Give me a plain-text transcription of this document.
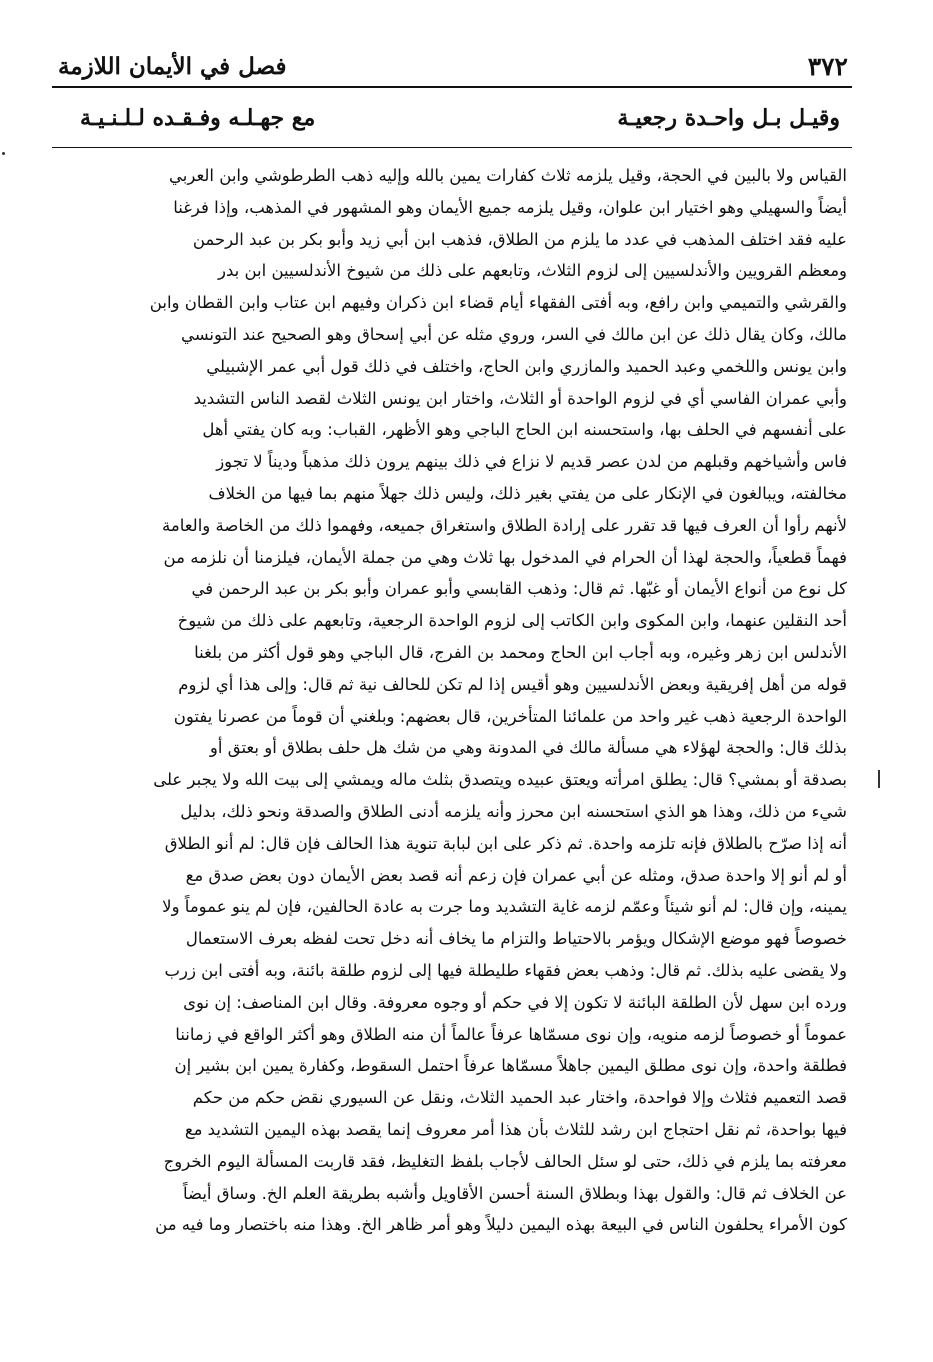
٣٧٢
فصل في الأيمان اللازمة
وقيـل بـل واحـدة رجعيـة
مع جهـلـه وفـقـده لـلـنـيـة
القياس ولا بالبين في الحجة، وقيل يلزمه ثلاث كفارات يمين بالله وإليه ذهب الطرطوشي وابن العربي
أيضاً والسهيلي وهو اختيار ابن علوان، وقيل يلزمه جميع الأيمان وهو المشهور في المذهب، وإذا فرغنا
عليه فقد اختلف المذهب في عدد ما يلزم من الطلاق، فذهب ابن أبي زيد وأبو بكر بن عبد الرحمن
ومعظم القرويين والأندلسيين إلى لزوم الثلاث، وتابعهم على ذلك من شيوخ الأندلسيين ابن بدر
والقرشي والتميمي وابن رافع، وبه أفتى الفقهاء أيام قضاء ابن ذكران وفيهم ابن عتاب وابن القطان وابن
مالك، وكان يقال ذلك عن ابن مالك في السر، وروي مثله عن أبي إسحاق وهو الصحيح عند التونسي
وابن يونس واللخمي وعبد الحميد والمازري وابن الحاج، واختلف في ذلك قول أبي عمر الإشبيلي
وأبي عمران الفاسي أي في لزوم الواحدة أو الثلاث، واختار ابن يونس الثلاث لقصد الناس التشديد
على أنفسهم في الحلف بها، واستحسنه ابن الحاج الباجي وهو الأظهر، القباب: وبه كان يفتي أهل
فاس وأشياخهم وقبلهم من لدن عصر قديم لا نزاع في ذلك بينهم يرون ذلك مذهباً وديناً لا تجوز
مخالفته، ويبالغون في الإنكار على من يفتي بغير ذلك، وليس ذلك جهلاً منهم بما فيها من الخلاف
لأنهم رأوا أن العرف فيها قد تقرر على إرادة الطلاق واستغراق جميعه، وفهموا ذلك من الخاصة والعامة
فهماً قطعياً، والحجة لهذا أن الحرام في المدخول بها ثلاث وهي من جملة الأيمان، فيلزمنا أن نلزمه من
كل نوع من أنواع الأيمان أو غبّها. ثم قال: وذهب القابسي وأبو عمران وأبو بكر بن عبد الرحمن في
أحد النقلين عنهما، وابن المكوى وابن الكاتب إلى لزوم الواحدة الرجعية، وتابعهم على ذلك من شيوخ
الأندلس ابن زهر وغيره، وبه أجاب ابن الحاج ومحمد بن الفرج، قال الباجي وهو قول أكثر من بلغنا
قوله من أهل إفريقية وبعض الأندلسيين وهو أقيس إذا لم تكن للحالف نية ثم قال: وإلى هذا أي لزوم
الواحدة الرجعية ذهب غير واحد من علمائنا المتأخرين، قال بعضهم: وبلغني أن قوماً من عصرنا يفتون
بذلك قال: والحجة لهؤلاء هي مسألة مالك في المدونة وهي من شك هل حلف بطلاق أو بعتق أو
بصدقة أو بمشي؟ قال: يطلق امرأته ويعتق عبيده ويتصدق بثلث ماله ويمشي إلى بيت الله ولا يجبر على
شيء من ذلك، وهذا هو الذي استحسنه ابن محرز وأنه يلزمه أدنى الطلاق والصدقة ونحو ذلك، بدليل
أنه إذا صرّح بالطلاق فإنه تلزمه واحدة. ثم ذكر على ابن لبابة تنوية هذا الحالف فإن قال: لم أنو الطلاق
أو لم أنو إلا واحدة صدق، ومثله عن أبي عمران فإن زعم أنه قصد بعض الأيمان دون بعض صدق مع
يمينه، وإن قال: لم أنو شيئاً وعمّم لزمه غاية التشديد وما جرت به عادة الحالفين، فإن لم ينو عموماً ولا
خصوصاً فهو موضع الإشكال ويؤمر بالاحتياط والتزام ما يخاف أنه دخل تحت لفظه بعرف الاستعمال
ولا يقضى عليه بذلك. ثم قال: وذهب بعض فقهاء طليطلة فيها إلى لزوم طلقة بائنة، وبه أفتى ابن زرب
ورده ابن سهل لأن الطلقة البائنة لا تكون إلا في حكم أو وجوه معروفة. وقال ابن المناصف: إن نوى
عموماً أو خصوصاً لزمه منويه، وإن نوى مسمّاها عرفاً عالماً أن منه الطلاق وهو أكثر الواقع في زماننا
فطلقة واحدة، وإن نوى مطلق اليمين جاهلاً مسمّاها عرفاً احتمل السقوط، وكفارة يمين ابن بشير إن
قصد التعميم فثلاث وإلا فواحدة، واختار عبد الحميد الثلاث، ونقل عن السيوري نقض حكم من حكم
فيها بواحدة، ثم نقل احتجاج ابن رشد للثلاث بأن هذا أمر معروف إنما يقصد بهذه اليمين التشديد مع
معرفته بما يلزم في ذلك، حتى لو سئل الحالف لأجاب بلفظ التغليظ، فقد قاربت المسألة اليوم الخروج
عن الخلاف ثم قال: والقول بهذا وبطلاق السنة أحسن الأقاويل وأشبه بطريقة العلم الخ. وساق أيضاً
كون الأمراء يحلفون الناس في البيعة بهذه اليمين دليلاً وهو أمر ظاهر الخ. وهذا منه باختصار وما فيه من
